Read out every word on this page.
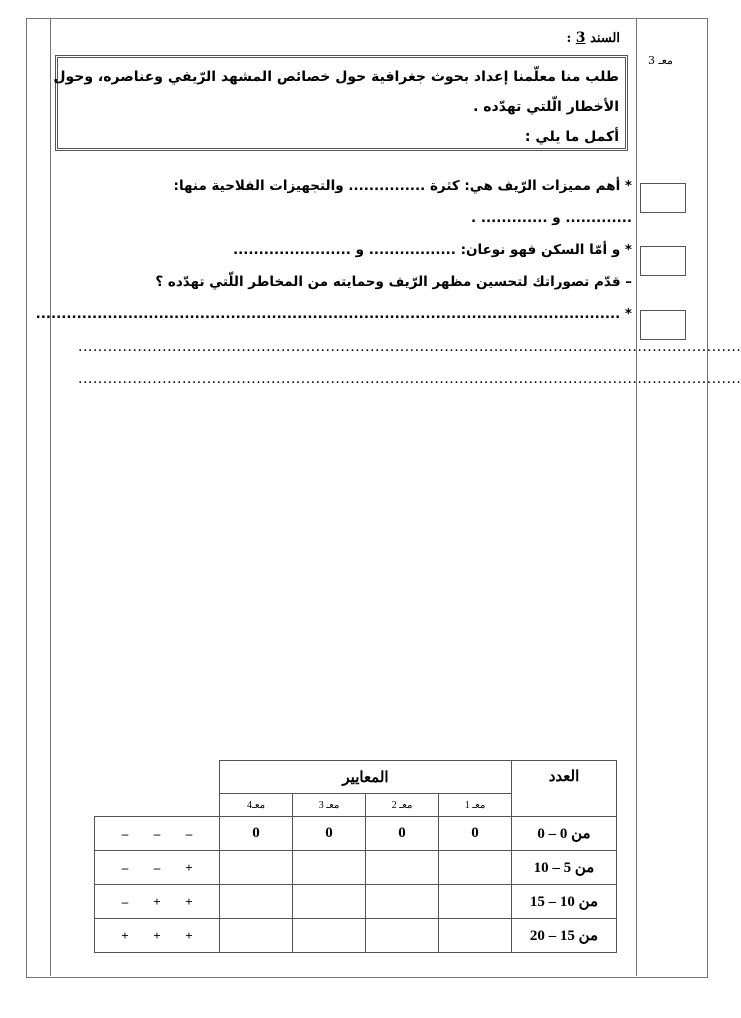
السند 3 :
معـ 3
طلب منا معلّمنا إعداد بحوث جغرافية حول خصائص المشهد الرّيفي وعناصره، وحول
الأخطار الّلتي تهدّده .
أكمل ما يلي :
* أهم مميزات الرّيف هي: كثرة ............... والتجهيزات الفلاحية منها:
............. و ............. .
* و أمّا السكن فهو نوعان: ................. و .......................
– قدّم تصوراتك لتحسين مظهر الرّيف وحمايته من المخاطر اللّتي تهدّده ؟
* ..................................................................................................................
......................................................................................................................................
......................................................................................................................................
العدد	المعايير				
	معـ 1	معـ 2	معـ 3	معـ4	
من 0 – 0	0	0	0	0	–––
من 5 – 10					+––
من 10 – 15					++–
من 15 – 20					+++
